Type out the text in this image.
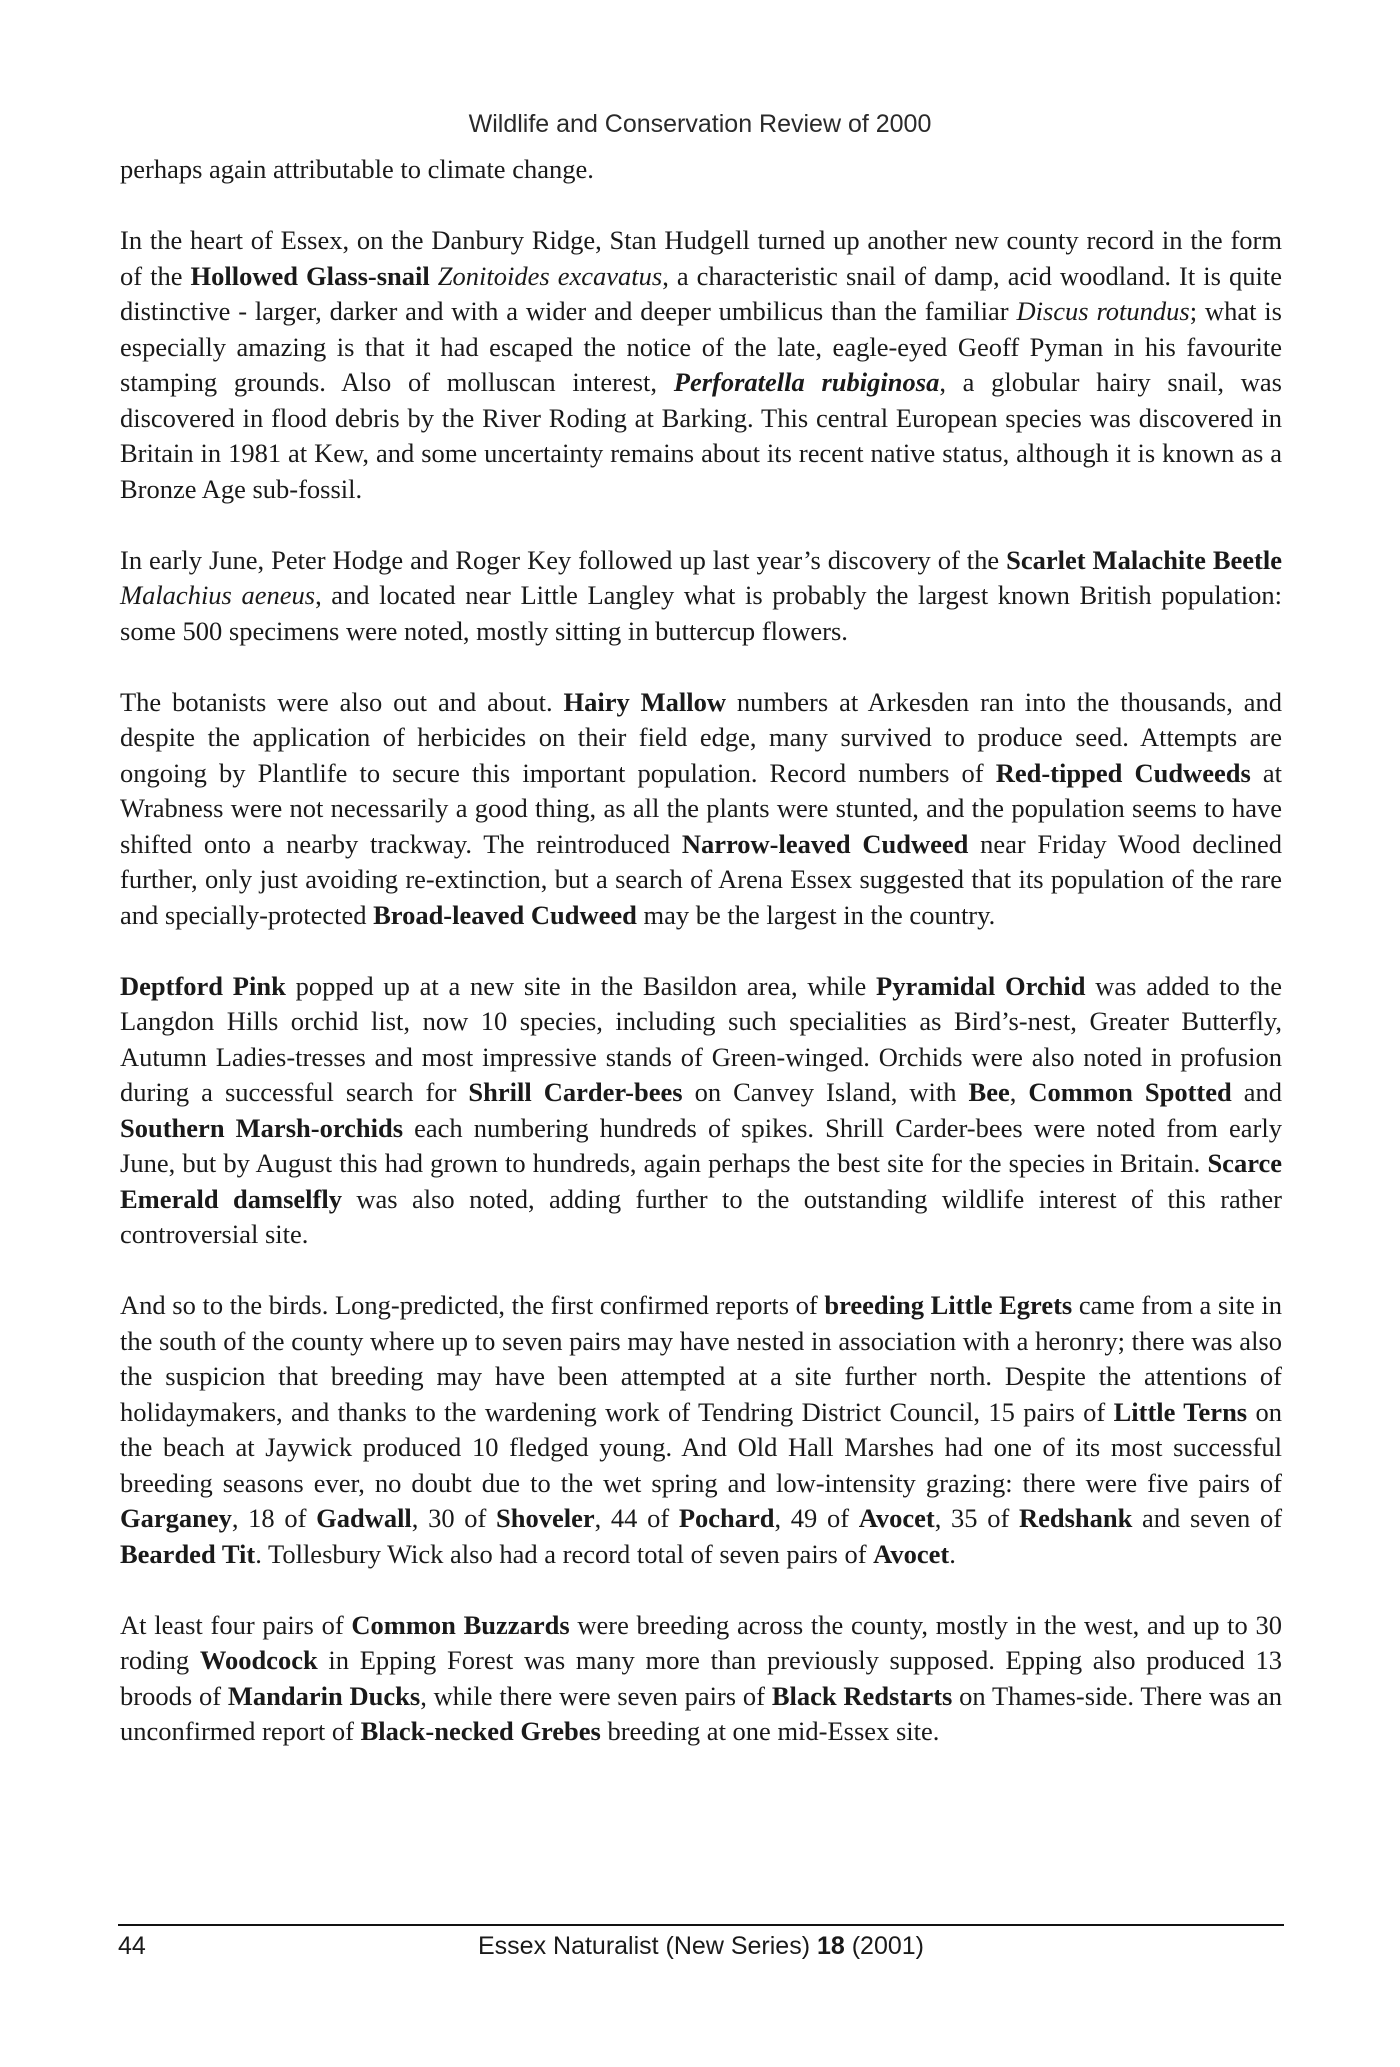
Wildlife and Conservation Review of 2000

perhaps again attributable to climate change.

In the heart of Essex, on the Danbury Ridge, Stan Hudgell turned up another new county record in the form of the Hollowed Glass-snail Zonitoides excavatus, a characteristic snail of damp, acid woodland. It is quite distinctive - larger, darker and with a wider and deeper umbilicus than the familiar Discus rotundus; what is especially amazing is that it had escaped the notice of the late, eagle-eyed Geoff Pyman in his favourite stamping grounds. Also of molluscan interest, Perforatella rubiginosa, a globular hairy snail, was discovered in flood debris by the River Roding at Barking. This central European species was discovered in Britain in 1981 at Kew, and some uncertainty remains about its recent native status, although it is known as a Bronze Age sub-fossil.

In early June, Peter Hodge and Roger Key followed up last year’s discovery of the Scarlet Malachite Beetle Malachius aeneus, and located near Little Langley what is probably the largest known British population: some 500 specimens were noted, mostly sitting in buttercup flowers.

The botanists were also out and about. Hairy Mallow numbers at Arkesden ran into the thousands, and despite the application of herbicides on their field edge, many survived to produce seed. Attempts are ongoing by Plantlife to secure this important population. Record numbers of Red-tipped Cudweeds at Wrabness were not necessarily a good thing, as all the plants were stunted, and the population seems to have shifted onto a nearby trackway. The reintroduced Narrow-leaved Cudweed near Friday Wood declined further, only just avoiding re-extinction, but a search of Arena Essex suggested that its population of the rare and specially-protected Broad-leaved Cudweed may be the largest in the country.

Deptford Pink popped up at a new site in the Basildon area, while Pyramidal Orchid was added to the Langdon Hills orchid list, now 10 species, including such specialities as Bird’s-nest, Greater Butterfly, Autumn Ladies-tresses and most impressive stands of Green-winged. Orchids were also noted in profusion during a successful search for Shrill Carder-bees on Canvey Island, with Bee, Common Spotted and Southern Marsh-orchids each numbering hundreds of spikes. Shrill Carder-bees were noted from early June, but by August this had grown to hundreds, again perhaps the best site for the species in Britain. Scarce Emerald damselfly was also noted, adding further to the outstanding wildlife interest of this rather controversial site.

And so to the birds. Long-predicted, the first confirmed reports of breeding Little Egrets came from a site in the south of the county where up to seven pairs may have nested in association with a heronry; there was also the suspicion that breeding may have been attempted at a site further north. Despite the attentions of holidaymakers, and thanks to the wardening work of Tendring District Council, 15 pairs of Little Terns on the beach at Jaywick produced 10 fledged young. And Old Hall Marshes had one of its most successful breeding seasons ever, no doubt due to the wet spring and low-intensity grazing: there were five pairs of Garganey, 18 of Gadwall, 30 of Shoveler, 44 of Pochard, 49 of Avocet, 35 of Redshank and seven of Bearded Tit. Tollesbury Wick also had a record total of seven pairs of Avocet.

At least four pairs of Common Buzzards were breeding across the county, mostly in the west, and up to 30 roding Woodcock in Epping Forest was many more than previously supposed. Epping also produced 13 broods of Mandarin Ducks, while there were seven pairs of Black Redstarts on Thames-side. There was an unconfirmed report of Black-necked Grebes breeding at one mid-Essex site.

44	Essex Naturalist (New Series) 18 (2001)
